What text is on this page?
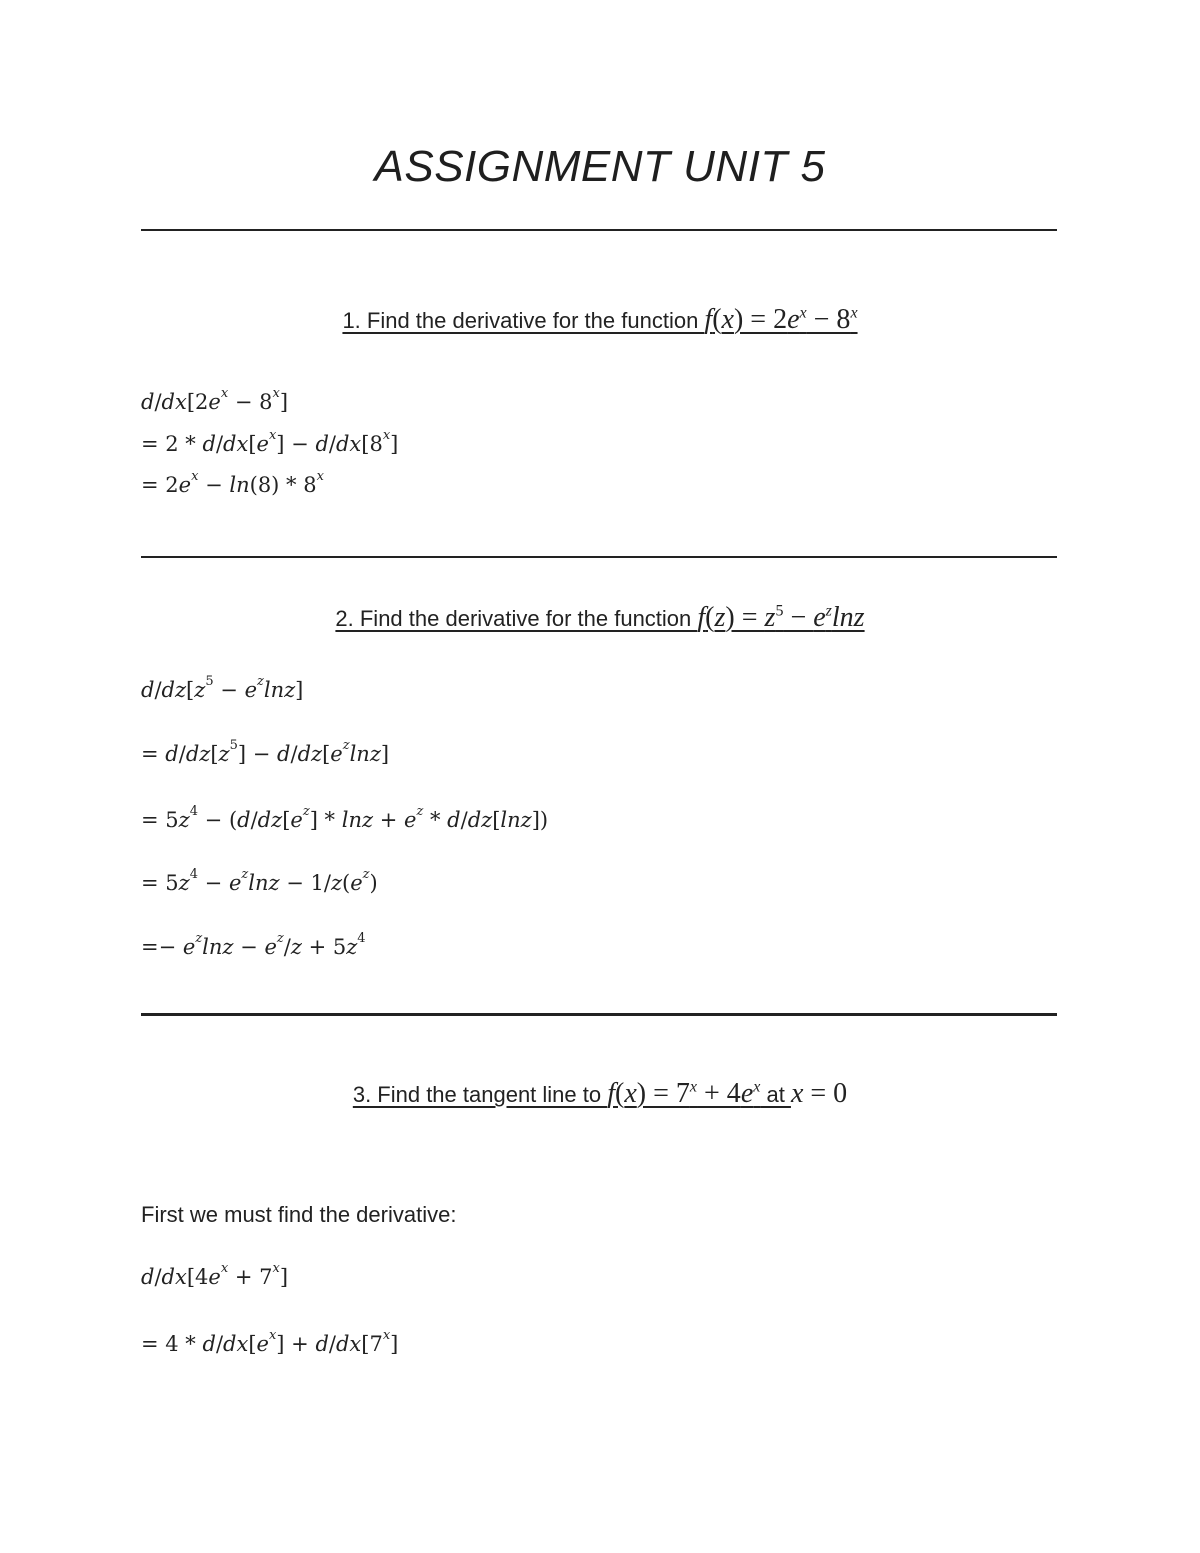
ASSIGNMENT UNIT 5
1. Find the derivative for the function $f(x) = 2e^x - 8^x$
$d/dx[2e^x - 8^x]$
= $2 * d/dx[e^x] - d/dx[8^x]$
= $2e^x - \ln(8) * 8^x$
2. Find the derivative for the function $f(z) = z^5 - e^z\ln z$
$d/dz[z^5 - e^z\ln z]$
= $d/dz[z^5] - d/dz[e^z\ln z]$
= $5z^4 - (d/dz[e^z] * \ln z + e^z * d/dz[\ln z])$
= $5z^4 - e^z\ln z - 1/z(e^z)$
=− $e^z\ln z - e^z/z + 5z^4$
3. Find the tangent line to $f(x) = 7^x + 4e^x$ at x = 0
First we must find the derivative:
$d/dx[4e^x + 7^x]$
= $4 * d/dx[e^x] + d/dx[7^x]$
